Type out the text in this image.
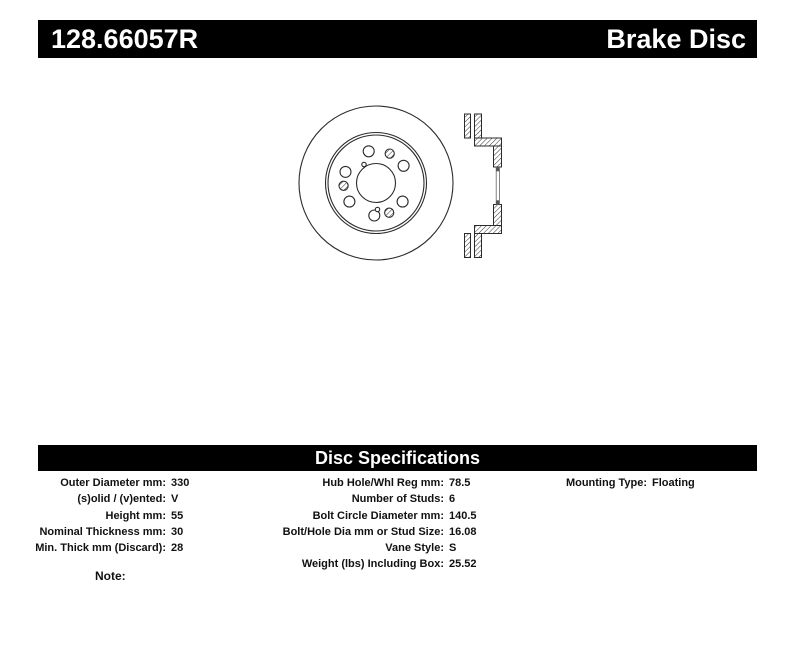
128.66057R	Brake Disc
Disc Specifications
Outer Diameter mm:
(s)olid / (v)ented:
Height mm:
Nominal Thickness mm:
Min. Thick mm (Discard):
330
V
55
30
28
Hub Hole/Whl Reg mm:
Number of Studs:
Bolt Circle Diameter mm:
Bolt/Hole Dia mm or Stud Size:
Vane Style:
Weight (lbs) Including Box:
78.5
6
140.5
16.08
S
25.52
Mounting Type: Floating
Note:
